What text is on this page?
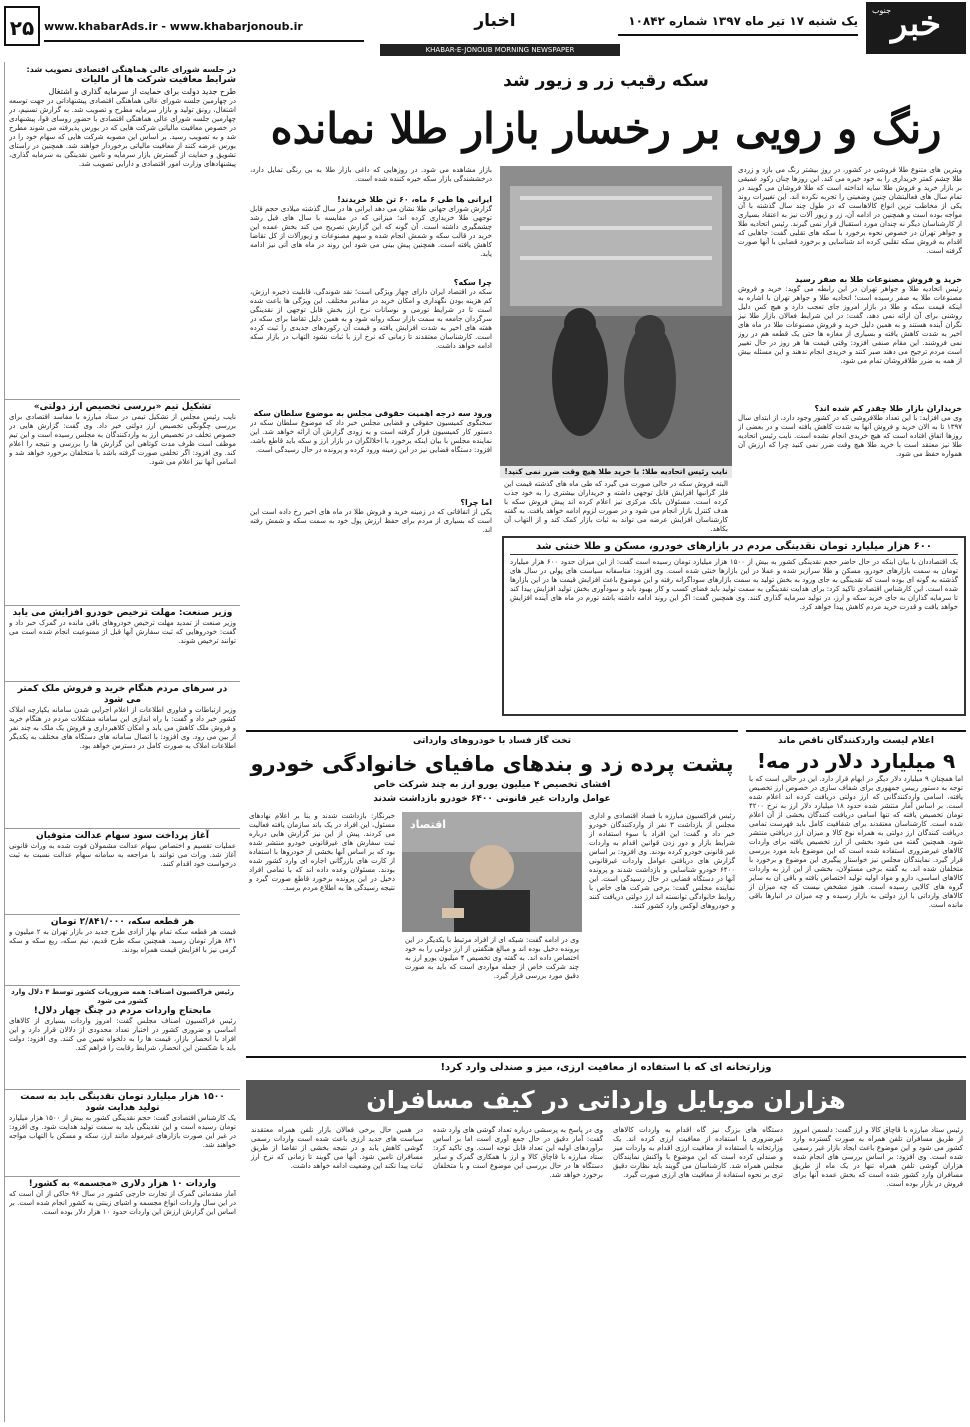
خبر
جنوب
یک شنبه ۱۷ تیر ماه ۱۳۹۷ شماره ۱۰۸۴۲
اخبار
www.khabarAds.ir - www.khabarjonoub.ir
۲۵
KHABAR-E-JONOUB MORNING NEWSPAPER
در جلسه شورای عالی هماهنگی اقتصادی تصویب شد:
شرایط معافیت شرکت ها از مالیات
طرح جدید دولت برای حمایت از سرمایه گذاری و اشتغال
در چهارمین جلسه شورای عالی هماهنگی اقتصادی پیشنهاداتی در جهت توسعه اشتغال، رونق تولید و بازار سرمایه مطرح و تصویب شد. به گزارش تسنیم، در چهارمین جلسه شورای عالی هماهنگی اقتصادی با حضور روسای قوا، پیشنهادی در خصوص معافیت مالیاتی شرکت هایی که در بورس پذیرفته می شوند مطرح شد و به تصویب رسید. بر اساس این مصوبه شرکت هایی که سهام خود را در بورس عرضه کنند از معافیت مالیاتی برخوردار خواهند شد. همچنین در راستای تشویق و حمایت از گسترش بازار سرمایه و تامین نقدینگی به سرمایه گذاری، پیشنهادهای وزارت امور اقتصادی و دارایی تصویب شد.
تشکیل تیم «بررسی تخصیص ارز دولتی»
نایب رئیس مجلس از تشکیل تیمی در ستاد مبارزه با مفاسد اقتصادی برای بررسی چگونگی تخصیص ارز دولتی خبر داد. وی گفت: گزارش هایی در خصوص تخلف در تخصیص ارز به واردکنندگان به مجلس رسیده است و این تیم موظف است ظرف مدت کوتاهی این گزارش ها را بررسی و نتیجه را اعلام کند. وی افزود: اگر تخلفی صورت گرفته باشد با متخلفان برخورد خواهد شد و اسامی آنها نیز اعلام می شود.
وزیر صنعت: مهلت ترخیص خودرو افزایش می یابد
وزیر صنعت از تمدید مهلت ترخیص خودروهای باقی مانده در گمرک خبر داد و گفت: خودروهایی که ثبت سفارش آنها قبل از ممنوعیت انجام شده است می توانند ترخیص شوند.
در سرهای مردم هنگام خرید و فروش ملک کمتر می شود
وزیر ارتباطات و فناوری اطلاعات از اعلام اجرایی شدن سامانه یکپارچه املاک کشور خبر داد و گفت: با راه اندازی این سامانه مشکلات مردم در هنگام خرید و فروش ملک کاهش می یابد و امکان کلاهبرداری و فروش یک ملک به چند نفر از بین می رود. وی افزود: با اتصال سامانه های دستگاه های مختلف به یکدیگر اطلاعات املاک به صورت کامل در دسترس خواهد بود.
آغاز پرداخت سود سهام عدالت متوفیان
عملیات تقسیم و اختصاص سهام عدالت مشمولان فوت شده به وراث قانونی آغاز شد. وراث می توانند با مراجعه به سامانه سهام عدالت نسبت به ثبت درخواست خود اقدام کنند.
هر قطعه سکه، ۲/۸۴۱/۰۰۰ تومان
قیمت هر قطعه سکه تمام بهار آزادی طرح جدید در بازار تهران به ۲ میلیون و ۸۴۱ هزار تومان رسید. همچنین سکه طرح قدیم، نیم سکه، ربع سکه و سکه گرمی نیز با افزایش قیمت همراه بودند.
رئیس فراکسیون اصناف: همه ضروریات کشور توسط ۴ دلال وارد کشور می شود
مابحتاج واردات مردم در چنگ چهار دلال!
رئیس فراکسیون اصناف مجلس گفت: امروز واردات بسیاری از کالاهای اساسی و ضروری کشور در اختیار تعداد محدودی از دلالان قرار دارد و این افراد با انحصار بازار، قیمت ها را به دلخواه تعیین می کنند. وی افزود: دولت باید با شکستن این انحصار، شرایط رقابت را فراهم کند.
۱۵۰۰ هزار میلیارد تومان نقدینگی باید به سمت تولید هدایت شود
یک کارشناس اقتصادی گفت: حجم نقدینگی کشور به بیش از ۱۵۰۰ هزار میلیارد تومان رسیده است و این نقدینگی باید به سمت تولید هدایت شود. وی افزود: در غیر این صورت بازارهای غیرمولد مانند ارز، سکه و مسکن با التهاب مواجه خواهند شد.
واردات ۱۰ هزار دلاری «مجسمه» به کشور!
آمار مقدماتی گمرک از تجارت خارجی کشور در سال ۹۶ حاکی از آن است که در این سال واردات انواع مجسمه و اشیای زینتی به کشور انجام شده است. بر اساس این گزارش ارزش این واردات حدود ۱۰ هزار دلار بوده است.
سکه رقیب زر و زیور شد
رنگ و رویی بر رخسار بازار طلا نمانده
ویترین های متنوع طلا فروشی در کشور، در روزِ بیشتر رنگ می بازد و زردی طلا چشم کمتر خریداری را به خود خیره می کند. این روزها چنان رکود عمیقی بر بازار خرید و فروش طلا سایه انداخته است که طلا فروشان می گویند در تمام سال های فعالیتشان چنین وضعیتی را تجربه نکرده اند. این تغییرات روند یکی از مخاطب ترین انواع کالاهاست که در طول چند سال گذشته با آن مواجه بوده است و همچنین در ادامه آن، زر و زیور آلات نیز به اعتقاد بسیاری از کارشناسان دیگر نه چندان مورد استقبال قرار نمی گیرند. رئیس اتحادیه طلا و جواهر تهران در خصوص نحوه برخورد با سکه های تقلبی گفت: جاهایی که اقدام به فروش سکه تقلبی کرده اند شناسایی و برخورد قضایی با آنها صورت گرفته است.
خرید و فروش مصنوعات طلا به صفر رسید
رئیس اتحادیه طلا و جواهر تهران در این رابطه می گوید: خرید و فروش مصنوعات طلا به صفر رسیده است؛ اتحادیه طلا و جواهر تهران با اشاره به اینکه قیمت سکه و طلا در بازار امروز جای تعجب دارد و هیچ کس دلیل روشنی برای آن ارائه نمی دهد، گفت: در این شرایط فعالان بازار طلا نیز نگران آینده هستند و به همین دلیل خرید و فروش مصنوعات طلا در ماه های اخیر به شدت کاهش یافته و بسیاری از مغازه ها حتی یک قطعه هم در روز نمی فروشند. این مقام صنفی افزود: وقتی قیمت ها هر روز در حال تغییر است مردم ترجیح می دهند صبر کنند و خریدی انجام ندهند و این مسئله بیش از همه به ضرر طلافروشان تمام می شود.
خریداران بازار طلا چقدر کم شده اند؟
وی می افزاید: با این تعداد طلافروشی که در کشور وجود دارد، از ابتدای سال ۱۳۹۷ تا به الان خرید و فروش آنها به شدت کاهش یافته است و در بعضی از روزها اتفاق افتاده است که هیچ خریدی انجام نشده است. نایب رئیس اتحادیه طلا نیز معتقد است با خرید طلا هیچ وقت ضرر نمی کنید چرا که ارزش آن همواره حفظ می شود.
نایب رئیس اتحادیه طلا: با خرید طلا هیچ وقت ضرر نمی کنید!
البته فروش سکه در حالی صورت می گیرد که طی ماه های گذشته قیمت این فلز گرانبها افزایش قابل توجهی داشته و خریداران بیشتری را به خود جذب کرده است. مسئولان بانک مرکزی نیز اعلام کرده اند پیش فروش سکه با هدف کنترل بازار انجام می شود و در صورت لزوم ادامه خواهد یافت. به گفته کارشناسان افزایش عرضه می تواند به ثبات بازار کمک کند و از التهاب آن بکاهد.
بازار مشاهده می شود. در روزهایی که داغی بازار طلا به بی رنگی تمایل دارد، درخششندگی بازار سکه خیره کننده شده است.
ایرانی ها طی ۶ ماه، ۶۰ تن طلا خریدند!
گزارش شورای جهانی طلا نشان می دهد ایرانی ها در سال گذشته میلادی حجم قابل توجهی طلا خریداری کرده اند؛ میزانی که در مقایسه با سال های قبل رشد چشمگیری داشته است. آن گونه که این گزارش تصریح می کند بخش عمده این خرید در قالب سکه و شمش انجام شده و سهم مصنوعات و زیورآلات از کل تقاضا کاهش یافته است. همچنین پیش بینی می شود این روند در ماه های آتی نیز ادامه یابد.
چرا سکه؟
سکه در اقتصاد ایران دارای چهار ویژگی است؛ نقد شوندگی، قابلیت ذخیره ارزش، کم هزینه بودن نگهداری و امکان خرید در مقادیر مختلف. این ویژگی ها باعث شده است تا در شرایط تورمی و نوسانات نرخ ارز بخش قابل توجهی از نقدینگی سرگردان جامعه به سمت بازار سکه روانه شود و به همین دلیل تقاضا برای سکه در هفته های اخیر به شدت افزایش یافته و قیمت آن رکوردهای جدیدی را ثبت کرده است. کارشناسان معتقدند تا زمانی که نرخ ارز با ثبات نشود التهاب در بازار سکه ادامه خواهد داشت.
ورود سه درجه اهمیت حقوقی مجلس به موضوع سلطان سکه
سخنگوی کمیسیون حقوقی و قضایی مجلس خبر داد که موضوع سلطان سکه در دستور کار کمیسیون قرار گرفته است و به زودی گزارش آن ارائه خواهد شد. این نماینده مجلس با بیان اینکه برخورد با اخلالگران در بازار ارز و سکه باید قاطع باشد، افزود: دستگاه قضایی نیز در این زمینه ورود کرده و پرونده در حال رسیدگی است.
اما چرا؟
یکی از اتفاقاتی که در زمینه خرید و فروش طلا در ماه های اخیر رخ داده است این است که بسیاری از مردم برای حفظ ارزش پول خود به سمت سکه و شمش رفته اند.
۶۰۰ هزار میلیارد تومان نقدینگی مردم در بازارهای خودرو، مسکن و طلا خنثی شد
یک اقتصاددان با بیان اینکه در حال حاضر حجم نقدینگی کشور به بیش از ۱۵۰۰ هزار میلیارد تومان رسیده است گفت: از این میزان حدود ۶۰۰ هزار میلیارد تومان به سمت بازارهای خودرو، مسکن و طلا سرازیر شده و عملا در این بازارها خنثی شده است. وی افزود: متاسفانه سیاست های پولی در سال های گذشته به گونه ای بوده است که نقدینگی به جای ورود به بخش تولید به سمت بازارهای سوداگرانه رفته و این موضوع باعث افزایش قیمت ها در این بازارها شده است. این کارشناس اقتصادی تاکید کرد: برای هدایت نقدینگی به سمت تولید باید فضای کسب و کار بهبود یابد و سودآوری بخش تولید افزایش پیدا کند تا سرمایه گذاران به جای خرید سکه و ارز، در تولید سرمایه گذاری کنند. وی همچنین گفت: اگر این روند ادامه داشته باشد تورم در ماه های آینده افزایش خواهد یافت و قدرت خرید مردم کاهش پیدا خواهد کرد.
اعلام لیست واردکنندگان ناقص ماند
۹ میلیارد دلار در مه!
اما همچنان ۹ میلیارد دلار دیگر در ابهام قرار دارد. این در حالی است که با توجه به دستور رییس جمهوری برای شفاف سازی در خصوص ارز تخصیص یافته، اسامی واردکنندگانی که ارز دولتی دریافت کرده اند اعلام شده است. بر اساس آمار منتشر شده حدود ۱۸ میلیارد دلار ارز به نرخ ۴۲۰۰ تومان تخصیص یافته که تنها اسامی دریافت کنندگان بخشی از آن اعلام شده است. کارشناسان معتقدند برای شفافیت کامل باید فهرست تمامی دریافت کنندگان ارز دولتی به همراه نوع کالا و میزان ارز دریافتی منتشر شود. همچنین گفته می شود بخشی از ارز تخصیص یافته برای واردات کالاهای غیرضروری استفاده شده است که این موضوع باید مورد بررسی قرار گیرد. نمایندگان مجلس نیز خواستار پیگیری این موضوع و برخورد با متخلفان شده اند. به گفته برخی مسئولان، بخشی از این ارز به واردات کالاهای اساسی، دارو و مواد اولیه تولید اختصاص یافته و باقی آن به سایر گروه های کالایی رسیده است. هنوز مشخص نیست که چه میزان از کالاهای وارداتی با ارز دولتی به بازار رسیده و چه میزان در انبارها باقی مانده است.
تخت گاز فساد با خودروهای وارداتی
پشت پرده زد و بندهای مافیای خانوادگی خودرو
افشای تخصیص ۴ میلیون یورو ارز به چند شرکت خاص
عوامل واردات غیر قانونی ۶۴۰۰ خودرو بازداشت شدند
رئیس فراکسیون مبارزه با فساد اقتصادی و اداری مجلس از بازداشت ۳ نفر از واردکنندگان خودرو خبر داد و گفت: این افراد با سوء استفاده از شرایط بازار و دور زدن قوانین اقدام به واردات غیر قانونی خودرو کرده بودند. وی افزود: بر اساس گزارش های دریافتی عوامل واردات غیرقانونی ۶۴۰۰ خودرو شناسایی و بازداشت شدند و پرونده آنها در دستگاه قضایی در حال رسیدگی است. این نماینده مجلس گفت: برخی شرکت های خاص با روابط خانوادگی توانسته اند ارز دولتی دریافت کنند و خودروهای لوکس وارد کشور کنند.
اقتصاد
وی در ادامه گفت: شبکه ای از افراد مرتبط با یکدیگر در این پرونده دخیل بوده اند و مبالغ هنگفتی از ارز دولتی را به خود اختصاص داده اند. به گفته وی تخصیص ۴ میلیون یورو ارز به چند شرکت خاص از جمله مواردی است که باید به صورت دقیق مورد بررسی قرار گیرد.
خبرنگار: بازداشت شدند و بنا بر اعلام نهادهای مسئول، این افراد در یک باند سازمان یافته فعالیت می کردند. پیش از این نیز گزارش هایی درباره ثبت سفارش های غیرقانونی خودرو منتشر شده بود که بر اساس آنها بخشی از خودروها با استفاده از کارت های بازرگانی اجاره ای وارد کشور شده بودند. مسئولان وعده داده اند که با تمامی افراد دخیل در این پرونده برخورد قاطع صورت گیرد و نتیجه رسیدگی ها به اطلاع مردم برسد.
وزارتخانه ای که با استفاده از معافیت ارزی، میز و صندلی وارد کرد!
هزاران موبایل وارداتی در کیف مسافران
رئیس ستاد مبارزه با قاچاق کالا و ارز گفت: دلسمن امروز از طریق مسافران تلفن همراه به صورت گسترده وارد کشور می شود و این موضوع باعث ایجاد بازار غیر رسمی شده است. وی افزود: بر اساس بررسی های انجام شده هزاران گوشی تلفن همراه تنها در یک ماه از طریق مسافران وارد کشور شده است که بخش عمده آنها برای فروش در بازار بوده است.
دستگاه های بزرگ نیز گاه اقدام به واردات کالاهای غیرضروری با استفاده از معافیت ارزی کرده اند. یک وزارتخانه با استفاده از معافیت ارزی اقدام به واردات میز و صندلی کرده است که این موضوع با واکنش نمایندگان مجلس همراه شد. کارشناسان می گویند باید نظارت دقیق تری بر نحوه استفاده از معافیت های ارزی صورت گیرد.
وی در پاسخ به پرسشی درباره تعداد گوشی های وارد شده گفت: آمار دقیق در حال جمع آوری است اما بر اساس برآوردهای اولیه این تعداد قابل توجه است. وی تاکید کرد: ستاد مبارزه با قاچاق کالا و ارز با همکاری گمرک و سایر دستگاه ها در حال بررسی این موضوع است و با متخلفان برخورد خواهد شد.
در همین حال برخی فعالان بازار تلفن همراه معتقدند سیاست های جدید ارزی باعث شده است واردات رسمی گوشی کاهش یابد و در نتیجه بخشی از تقاضا از طریق مسافران تامین شود. آنها می گویند تا زمانی که نرخ ارز ثبات پیدا نکند این وضعیت ادامه خواهد داشت.
